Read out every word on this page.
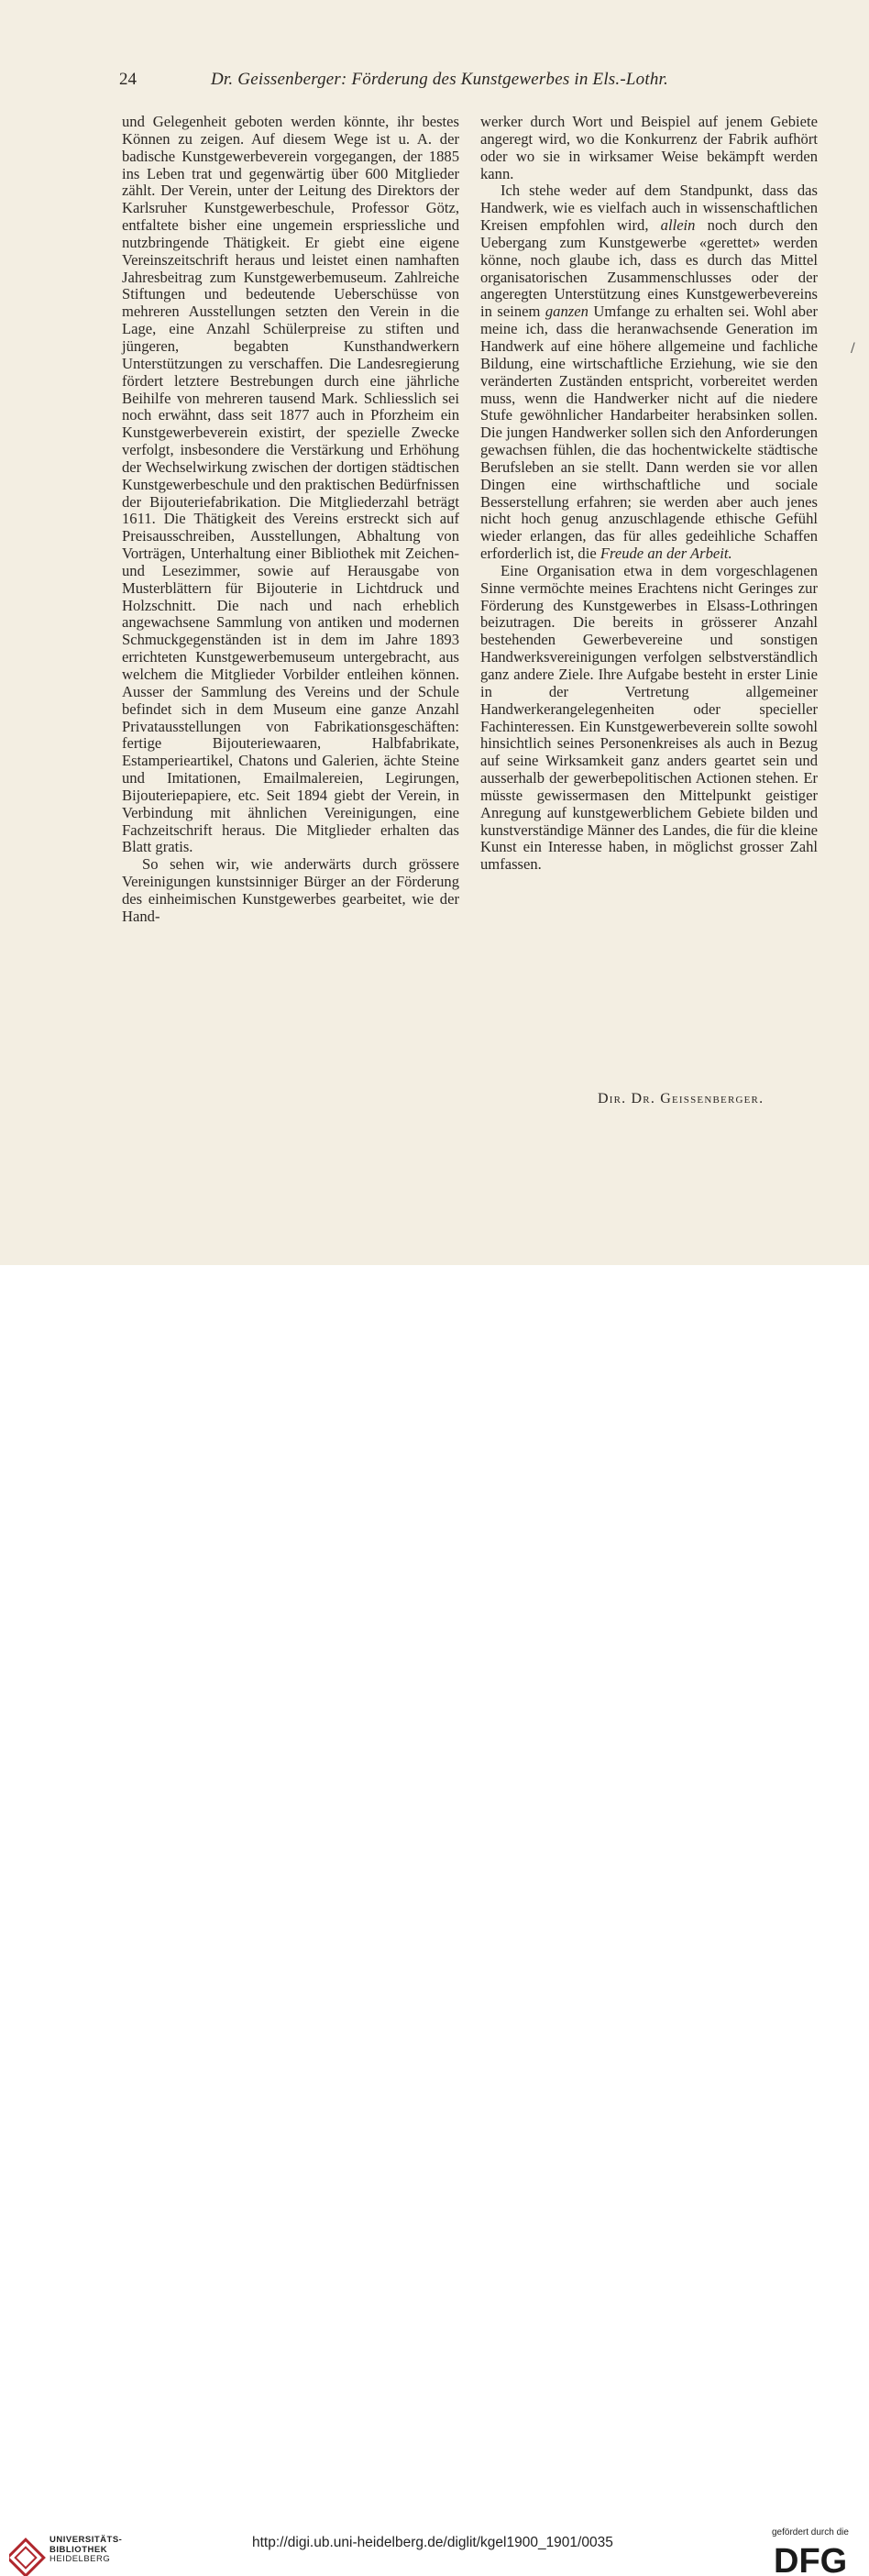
24	Dr. Geissenberger: Förderung des Kunstgewerbes in Els.-Lothr.

und Gelegenheit geboten werden könnte, ihr bestes Können zu zeigen. Auf diesem Wege ist u. A. der badische Kunstgewerbeverein vorgegangen, der 1885 ins Leben trat und gegenwärtig über 600 Mitglieder zählt. Der Verein, unter der Leitung des Direktors der Karlsruher Kunstgewerbeschule, Professor Götz, entfaltete bisher eine ungemein erspriessliche und nutzbringende Thätigkeit. Er giebt eine eigene Vereinszeitschrift heraus und leistet einen namhaften Jahresbeitrag zum Kunstgewerbemuseum. Zahlreiche Stiftungen und bedeutende Ueberschüsse von mehreren Ausstellungen setzten den Verein in die Lage, eine Anzahl Schülerpreise zu stiften und jüngeren, begabten Kunsthandwerkern Unterstützungen zu verschaffen. Die Landesregierung fördert letztere Bestrebungen durch eine jährliche Beihilfe von mehreren tausend Mark. Schliesslich sei noch erwähnt, dass seit 1877 auch in Pforzheim ein Kunstgewerbeverein existirt, der spezielle Zwecke verfolgt, insbesondere die Verstärkung und Erhöhung der Wechselwirkung zwischen der dortigen städtischen Kunstgewerbeschule und den praktischen Bedürfnissen der Bijouteriefabrikation. Die Mitgliederzahl beträgt 1611. Die Thätigkeit des Vereins erstreckt sich auf Preisausschreiben, Ausstellungen, Abhaltung von Vorträgen, Unterhaltung einer Bibliothek mit Zeichen- und Lesezimmer, sowie auf Herausgabe von Musterblättern für Bijouterie in Lichtdruck und Holzschnitt. Die nach und nach erheblich angewachsene Sammlung von antiken und modernen Schmuckgegenständen ist in dem im Jahre 1893 errichteten Kunstgewerbemuseum untergebracht, aus welchem die Mitglieder Vorbilder entleihen können. Ausser der Sammlung des Vereins und der Schule befindet sich in dem Museum eine ganze Anzahl Privatausstellungen von Fabrikationsgeschäften: fertige Bijouteriewaaren, Halbfabrikate, Estamperieartikel, Chatons und Galerien, ächte Steine und Imitationen, Emailmalereien, Legirungen, Bijouteriepapiere, etc. Seit 1894 giebt der Verein, in Verbindung mit ähnlichen Vereinigungen, eine Fachzeitschrift heraus. Die Mitglieder erhalten das Blatt gratis.

So sehen wir, wie anderwärts durch grössere Vereinigungen kunstsinniger Bürger an der Förderung des einheimischen Kunstgewerbes gearbeitet, wie der Hand-

werker durch Wort und Beispiel auf jenem Gebiete angeregt wird, wo die Konkurrenz der Fabrik aufhört oder wo sie in wirksamer Weise bekämpft werden kann.

Ich stehe weder auf dem Standpunkt, dass das Handwerk, wie es vielfach auch in wissenschaftlichen Kreisen empfohlen wird, allein noch durch den Uebergang zum Kunstgewerbe «gerettet» werden könne, noch glaube ich, dass es durch das Mittel organisatorischen Zusammenschlusses oder der angeregten Unterstützung eines Kunstgewerbevereins in seinem ganzen Umfange zu erhalten sei. Wohl aber meine ich, dass die heranwachsende Generation im Handwerk auf eine höhere allgemeine und fachliche Bildung, eine wirtschaftliche Erziehung, wie sie den veränderten Zuständen entspricht, vorbereitet werden muss, wenn die Handwerker nicht auf die niedere Stufe gewöhnlicher Handarbeiter herabsinken sollen. Die jungen Handwerker sollen sich den Anforderungen gewachsen fühlen, die das hochentwickelte städtische Berufsleben an sie stellt. Dann werden sie vor allen Dingen eine wirthschaftliche und sociale Besserstellung erfahren; sie werden aber auch jenes nicht hoch genug anzuschlagende ethische Gefühl wieder erlangen, das für alles gedeihliche Schaffen erforderlich ist, die Freude an der Arbeit.

Eine Organisation etwa in dem vorgeschlagenen Sinne vermöchte meines Erachtens nicht Geringes zur Förderung des Kunstgewerbes in Elsass-Lothringen beizutragen. Die bereits in grösserer Anzahl bestehenden Gewerbevereine und sonstigen Handwerksvereinigungen verfolgen selbstverständlich ganz andere Ziele. Ihre Aufgabe besteht in erster Linie in der Vertretung allgemeiner Handwerkerangelegenheiten oder specieller Fachinteressen. Ein Kunstgewerbeverein sollte sowohl hinsichtlich seines Personenkreises als auch in Bezug auf seine Wirksamkeit ganz anders geartet sein und ausserhalb der gewerbepolitischen Actionen stehen. Er müsste gewissermasen den Mittelpunkt geistiger Anregung auf kunstgewerblichem Gebiete bilden und kunstverständige Männer des Landes, die für die kleine Kunst ein Interesse haben, in möglichst grosser Zahl umfassen.

Dir. Dr. Geissenberger.
/
UNIVERSITÄTS-
BIBLIOTHEK
HEIDELBERG
http://digi.ub.uni-heidelberg.de/diglit/kgel1900_1901/0035
gefördert durch die
DFG
